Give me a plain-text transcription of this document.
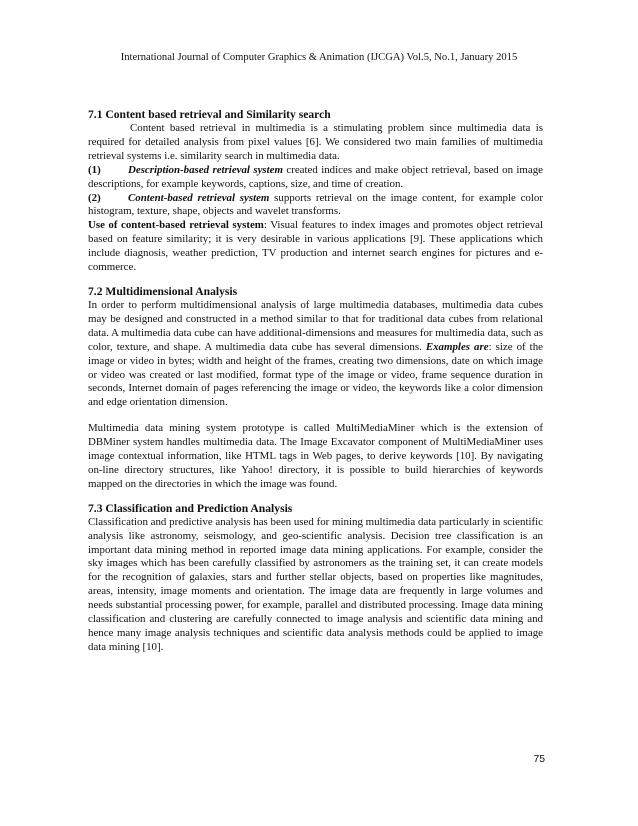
International Journal of Computer Graphics & Animation (IJCGA) Vol.5, No.1, January 2015
7.1 Content based retrieval and Similarity search

Content based retrieval in multimedia is a stimulating problem since multimedia data is required for detailed analysis from pixel values [6]. We considered two main families of multimedia retrieval systems i.e. similarity search in multimedia data.

(1)	Description-based retrieval system created indices and make object retrieval, based on image descriptions, for example keywords, captions, size, and time of creation.

(2)	Content-based retrieval system supports retrieval on the image content, for example color histogram, texture, shape, objects and wavelet transforms.

Use of content-based retrieval system: Visual features to index images and promotes object retrieval based on feature similarity; it is very desirable in various applications [9]. These applications which include diagnosis, weather prediction, TV production and internet search engines for pictures and e-commerce.

7.2 Multidimensional Analysis

In order to perform multidimensional analysis of large multimedia databases, multimedia data cubes may be designed and constructed in a method similar to that for traditional data cubes from relational data. A multimedia data cube can have additional-dimensions and measures for multimedia data, such as color, texture, and shape. A multimedia data cube has several dimensions. Examples are: size of the image or video in bytes; width and height of the frames, creating two dimensions, date on which image or video was created or last modified, format type of the image or video, frame sequence duration in seconds, Internet domain of pages referencing the image or video, the keywords like a color dimension and edge orientation dimension.

Multimedia data mining system prototype is called MultiMediaMiner which is the extension of DBMiner system handles multimedia data. The Image Excavator component of MultiMediaMiner uses image contextual information, like HTML tags in Web pages, to derive keywords [10]. By navigating on-line directory structures, like Yahoo! directory, it is possible to build hierarchies of keywords mapped on the directories in which the image was found.

7.3 Classification and Prediction Analysis

Classification and predictive analysis has been used for mining multimedia data particularly in scientific analysis like astronomy, seismology, and geo-scientific analysis. Decision tree classification is an important data mining method in reported image data mining applications. For example, consider the sky images which has been carefully classified by astronomers as the training set, it can create models for the recognition of galaxies, stars and further stellar objects, based on properties like magnitudes, areas, intensity, image moments and orientation. The image data are frequently in large volumes and needs substantial processing power, for example, parallel and distributed processing. Image data mining classification and clustering are carefully connected to image analysis and scientific data mining and hence many image analysis techniques and scientific data analysis methods could be applied to image data mining [10].

75
